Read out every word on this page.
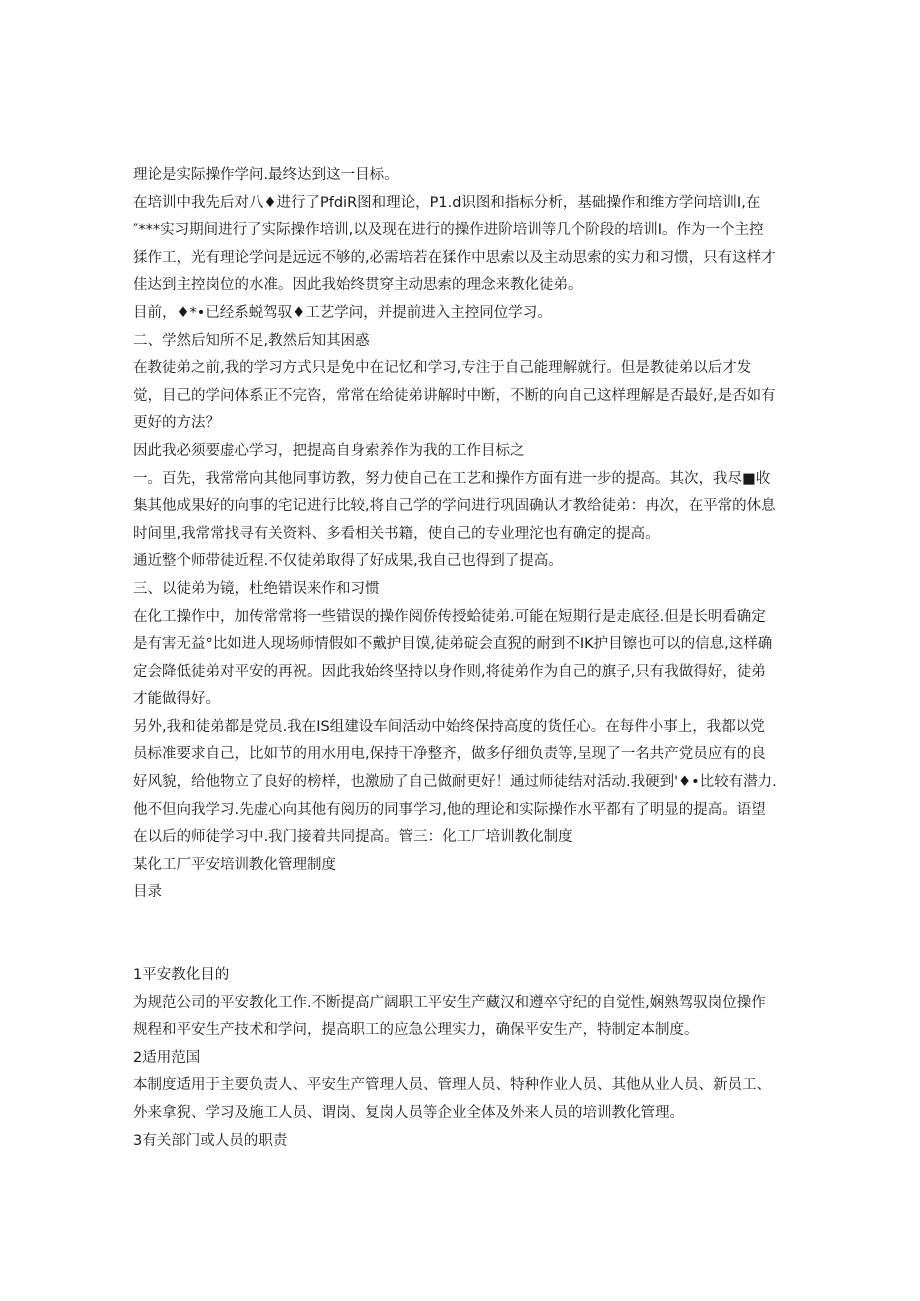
理论是实际操作学问.最终达到这一目标。

在培训中我先后对八♦进行了PfdiR图和理论，P1.d识图和指标分析，基础操作和维方学问培训I,在

″***实习期间进行了实际操作培训,以及现在进行的操作进阶培训等几个阶段的培训I。作为一个主控

猱作工，光有理论学问是远远不够的,必需培若在猱作中思索以及主动思索的实力和习惯，只有这样才

佳达到主控岗位的水准。因此我始终贯穿主动思索的理念来教化徒弟。

目前，♦*•已经系蜕驾驭♦工艺学问，并提前进入主控同位学习。

二、学然后知所不足,教然后知其困惑

在教徒弟之前,我的学习方式只是免中在记忆和学习,专注于自己能理解就行。但是教徒弟以后才发

觉，目己的学问体系正不完咨，常常在给徒弟讲解时中断，不断的向自己这样理解是否最好,是否如有

更好的方法？

因此我必须要虚心学习，把提高自身索养作为我的工作目标之

一。百先，我常常向其他同事访教，努力使自己在工艺和操作方面有进一步的提高。其次，我尽■收

集其他成果好的向事的宅记进行比较,将自己学的学问进行巩固确认才教给徒弟：冉次，在平常的休息

时间里,我常常找寻有关资料、多看相关书籍，使自己的专业理沱也有确定的提高。

通近整个师带徒近程.不仅徒弟取得了好成果,我自己也得到了提高。

三、以徒弟为镜，杜绝错误来作和习惯

在化工操作中，加传常常将一些错误的操作阅侨传授蛤徒弟.可能在短期行是走底径.但是长明看确定

是有害无益°比如进人现场师情假如不戴护目馍,徒弟碇会直猊的耐到不IK护目镲也可以的信息,这样确

定会降低徒弟对平安的再祝。因此我始终坚持以身作则,将徒弟作为自己的旗子,只有我做得好，徒弟

才能做得好。

另外,我和徒弟都是党员.我在IS组建设车间活动中始终保持高度的货任心。在每件小事上，我都以党

员标准要求自己，比如节的用水用电,保持干净整齐，做多仔细负责等,呈现了一名共产党员应有的良

好风貌，给他物立了良好的榜样，也激励了自己做耐更好！通过师徒结对活动.我硬到'♦•比较有潜力.

他不但向我学习.先虚心向其他有阅历的同事学习,他的理论和实际操作水平都有了明显的提高。语望

在以后的师徒学习中.我门接着共同提高。管三：化工厂培训教化制度

某化工厂平安培训教化管理制度

目录

1平安教化目的

为规范公司的平安教化工作.不断提高广阔职工平安生产藏汉和遵卒守纪的自觉性,娴熟驾驭岗位操作

规程和平安生产技术和学问，提高职工的应急公理实力，确保平安生产，特制定本制度。

2适用范国

本制度适用于主要负责人、平安生产管理人员、管理人员、特种作业人员、其他从业人员、新员工、

外来拿猊、学习及施工人员、谓岗、复岗人员等企业全体及外来人员的培训教化管理。

3有关部门或人员的职责
